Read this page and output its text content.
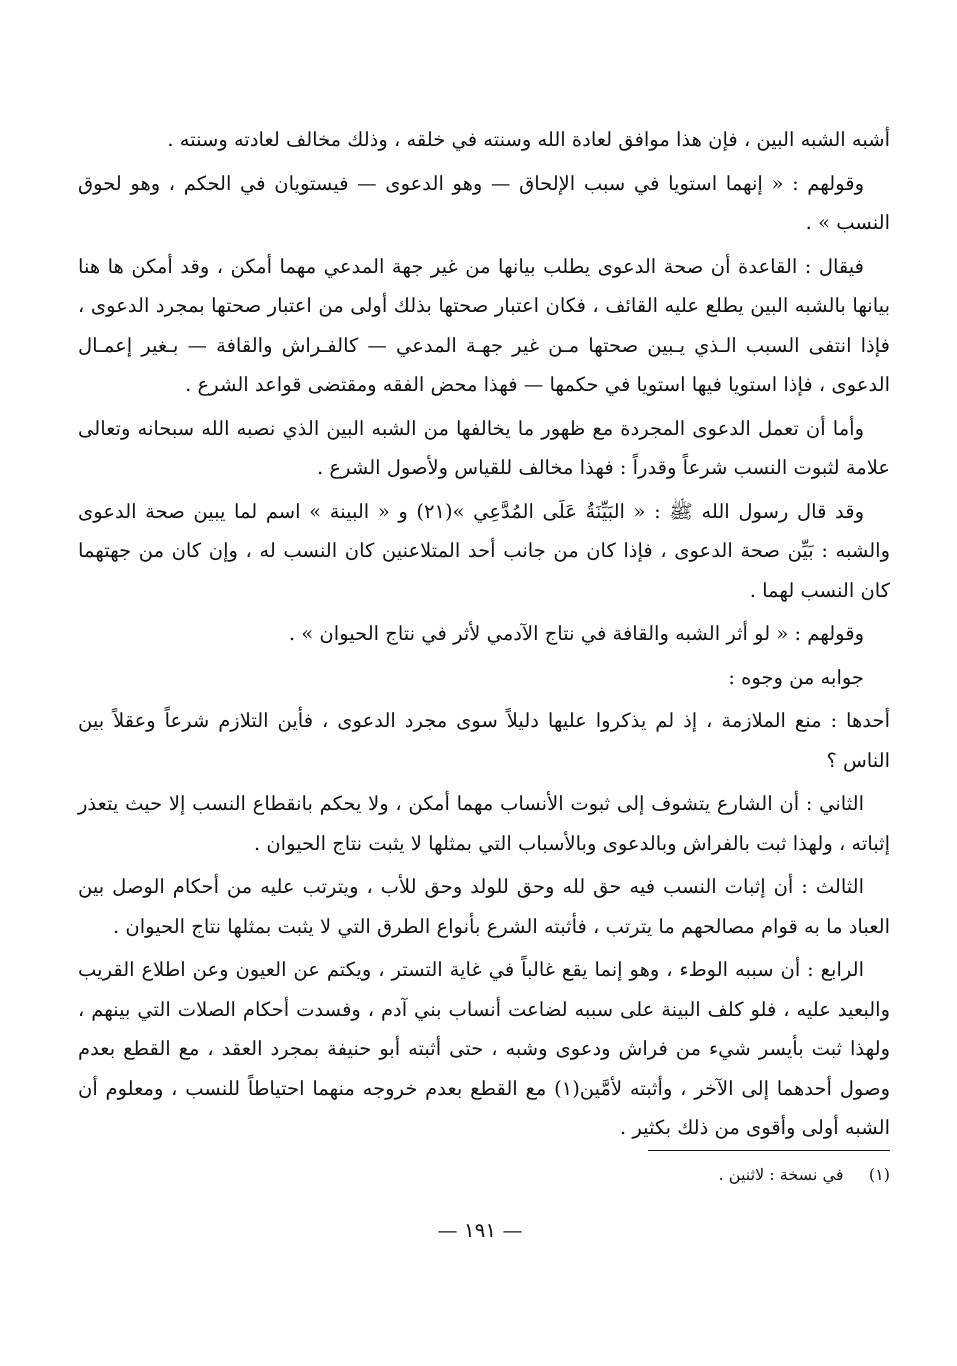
أشبه الشبه البين ، فإن هذا موافق لعادة الله وسنته في خلقه ، وذلك مخالف لعادته وسنته .

وقولهم : « إنهما استويا في سبب الإلحاق — وهو الدعوى — فيستويان في الحكم ، وهو لحوق النسب » .

فيقال : القاعدة أن صحة الدعوى يطلب بيانها من غير جهة المدعي مهما أمكن ، وقد أمكن ها هنا بيانها بالشبه البين يطلع عليه القائف ، فكان اعتبار صحتها بذلك أولى من اعتبار صحتها بمجرد الدعوى ، فإذا انتفى السبب الـذي يـبين صحتها مـن غير جهـة المدعي — كالفـراش والقافة — بـغير إعمـال الدعوى ، فإذا استويا فيها استويا في حكمها — فهذا محض الفقه ومقتضى قواعد الشرع .

وأما أن تعمل الدعوى المجردة مع ظهور ما يخالفها من الشبه البين الذي نصبه الله سبحانه وتعالى علامة لثبوت النسب شرعاً وقدراً : فهذا مخالف للقياس ولأصول الشرع .

وقد قال رسول الله ﷺ : « البَيِّنَةُ عَلَى المُدَّعِي »(٢١) و « البينة » اسم لما يبين صحة الدعوى والشبه : بَيِّن صحة الدعوى ، فإذا كان من جانب أحد المتلاعنين كان النسب له ، وإن كان من جهتهما كان النسب لهما .

وقولهم : « لو أثر الشبه والقافة في نتاج الآدمي لأثر في نتاج الحيوان » .

جوابه من وجوه :

أحدها : منع الملازمة ، إذ لم يذكروا عليها دليلاً سوى مجرد الدعوى ، فأين التلازم شرعاً وعقلاً بين الناس ؟

الثاني : أن الشارع يتشوف إلى ثبوت الأنساب مهما أمكن ، ولا يحكم بانقطاع النسب إلا حيث يتعذر إثباته ، ولهذا ثبت بالفراش وبالدعوى وبالأسباب التي بمثلها لا يثبت نتاج الحيوان .

الثالث : أن إثبات النسب فيه حق لله وحق للولد وحق للأب ، ويترتب عليه من أحكام الوصل بين العباد ما به قوام مصالحهم ما يترتب ، فأثبته الشرع بأنواع الطرق التي لا يثبت بمثلها نتاج الحيوان .

الرابع : أن سببه الوطء ، وهو إنما يقع غالباً في غاية التستر ، ويكتم عن العيون وعن اطلاع القريب والبعيد عليه ، فلو كلف البينة على سببه لضاعت أنساب بني آدم ، وفسدت أحكام الصلات التي بينهم ، ولهذا ثبت بأيسر شيء من فراش ودعوى وشبه ، حتى أثبته أبو حنيفة بمجرد العقد ، مع القطع بعدم وصول أحدهما إلى الآخر ، وأثبته لأمَّين(١) مع القطع بعدم خروجه منهما احتياطاً للنسب ، ومعلوم أن الشبه أولى وأقوى من ذلك بكثير .

(١)     في نسخة : لاثنين .
— ١٩١ —
